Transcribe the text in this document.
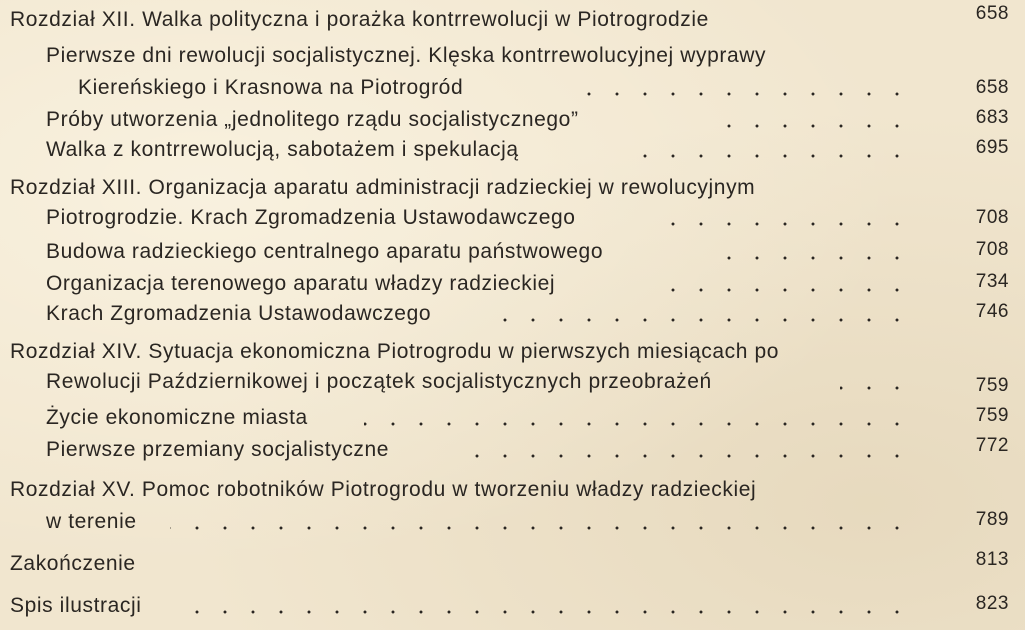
Rozdział XII. Walka polityczna i porażka kontrrewolucji w Piotrogrodzie	658
Pierwsze dni rewolucji socjalistycznej. Klęska kontrrewolucyjnej wyprawy
Kiereńskiego i Krasnowa na Piotrogród	658
Próby utworzenia „jednolitego rządu socjalistycznego”	683
Walka z kontrrewolucją, sabotażem i spekulacją	695
Rozdział XIII. Organizacja aparatu administracji radzieckiej w rewolucyjnym
Piotrogrodzie. Krach Zgromadzenia Ustawodawczego	708
Budowa radzieckiego centralnego aparatu państwowego	708
Organizacja terenowego aparatu władzy radzieckiej	734
Krach Zgromadzenia Ustawodawczego	746
Rozdział XIV. Sytuacja ekonomiczna Piotrogrodu w pierwszych miesiącach po
Rewolucji Październikowej i początek socjalistycznych przeobrażeń	759
Życie ekonomiczne miasta	759
Pierwsze przemiany socjalistyczne	772
Rozdział XV. Pomoc robotników Piotrogrodu w tworzeniu władzy radzieckiej
w terenie	789
Zakończenie	813
Spis ilustracji	823
